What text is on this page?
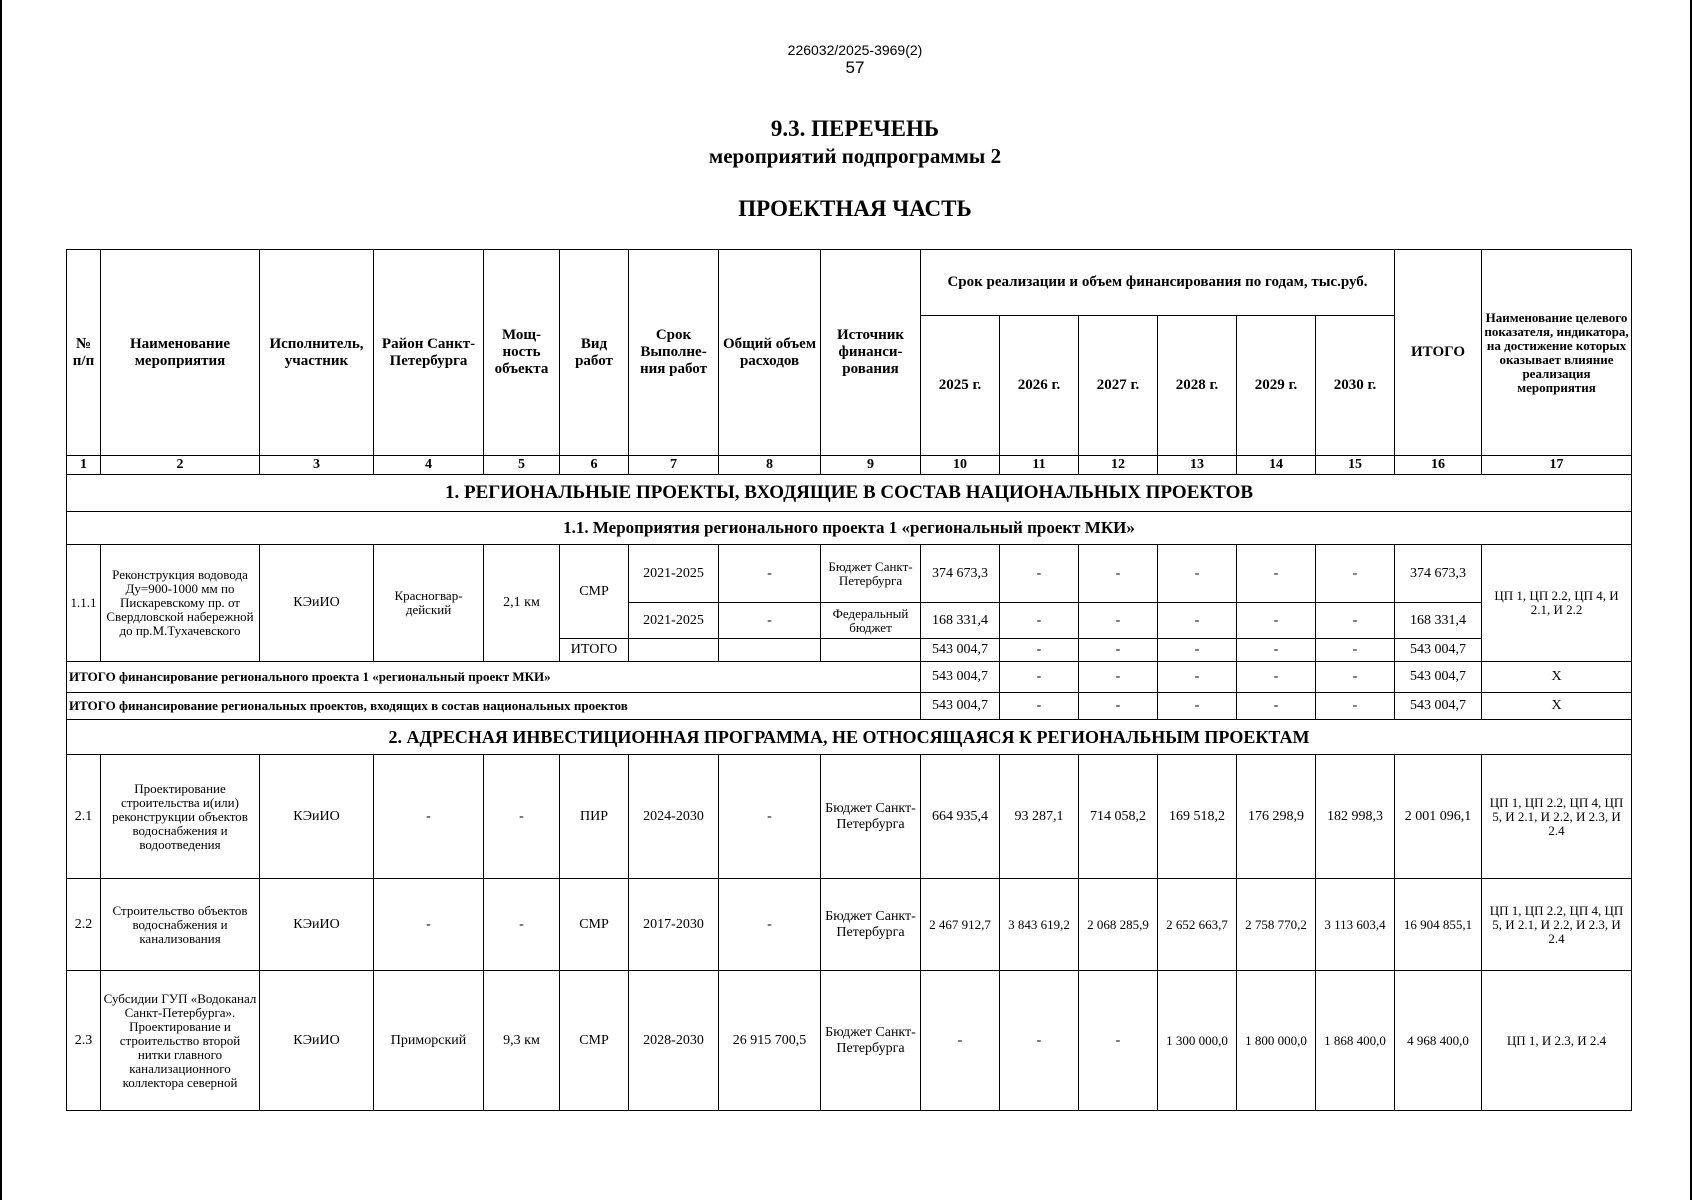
226032/2025-3969(2)
57
9.3. ПЕРЕЧЕНЬ
мероприятий подпрограммы 2
ПРОЕКТНАЯ ЧАСТЬ
№ п/п	Наименование мероприятия	Исполнитель, участник	Район Санкт-Петербурга	Мощ-ность объекта	Вид работ	Срок Выполне-ния работ	Общий объем расходов	Источник финанси-рования	Срок реализации и объем финансирования по годам, тыс.руб.						ИТОГО	Наименование целевого показателя, индикатора, на достижение которых оказывает влияние реализация мероприятия
									2025 г.	2026 г.	2027 г.	2028 г.	2029 г.	2030 г.		
1	2	3	4	5	6	7	8	9	10	11	12	13	14	15	16	17
1. РЕГИОНАЛЬНЫЕ ПРОЕКТЫ, ВХОДЯЩИЕ В СОСТАВ НАЦИОНАЛЬНЫХ ПРОЕКТОВ																
1.1. Мероприятия регионального проекта 1 «региональный проект МКИ»																
1.1.1	Реконструкция водовода Ду=900-1000 мм по Пискаревскому пр. от Свердловской набережной до пр.М.Тухачевского	КЭиИО	Красногвар-дейский	2,1 км	СМР	2021-2025	-	Бюджет Санкт-Петербурга	374 673,3	-	-	-	-	-	374 673,3	ЦП 1, ЦП 2.2, ЦП 4, И 2.1, И 2.2
						2021-2025	-	Федеральный бюджет	168 331,4	-	-	-	-	-	168 331,4	
					ИТОГО				543 004,7	-	-	-	-	-	543 004,7	
ИТОГО финансирование регионального проекта 1 «региональный проект МКИ»									543 004,7	-	-	-	-	-	543 004,7	Х
ИТОГО финансирование региональных проектов, входящих в состав национальных проектов									543 004,7	-	-	-	-	-	543 004,7	Х
2. АДРЕСНАЯ ИНВЕСТИЦИОННАЯ ПРОГРАММА, НЕ ОТНОСЯЩАЯСЯ К РЕГИОНАЛЬНЫМ ПРОЕКТАМ																
2.1	Проектирование строительства и(или) реконструкции объектов водоснабжения и водоотведения	КЭиИО	-	-	ПИР	2024-2030	-	Бюджет Санкт-Петербурга	664 935,4	93 287,1	714 058,2	169 518,2	176 298,9	182 998,3	2 001 096,1	ЦП 1, ЦП 2.2, ЦП 4, ЦП 5, И 2.1, И 2.2, И 2.3, И 2.4
2.2	Строительство объектов водоснабжения и канализования	КЭиИО	-	-	СМР	2017-2030	-	Бюджет Санкт-Петербурга	2 467 912,7	3 843 619,2	2 068 285,9	2 652 663,7	2 758 770,2	3 113 603,4	16 904 855,1	ЦП 1, ЦП 2.2, ЦП 4, ЦП 5, И 2.1, И 2.2, И 2.3, И 2.4
2.3	Субсидии ГУП «Водоканал Санкт-Петербурга». Проектирование и строительство второй нитки главного канализационного коллектора северной	КЭиИО	Приморский	9,3 км	СМР	2028-2030	26 915 700,5	Бюджет Санкт-Петербурга	-	-	-	1 300 000,0	1 800 000,0	1 868 400,0	4 968 400,0	ЦП 1, И 2.3, И 2.4
